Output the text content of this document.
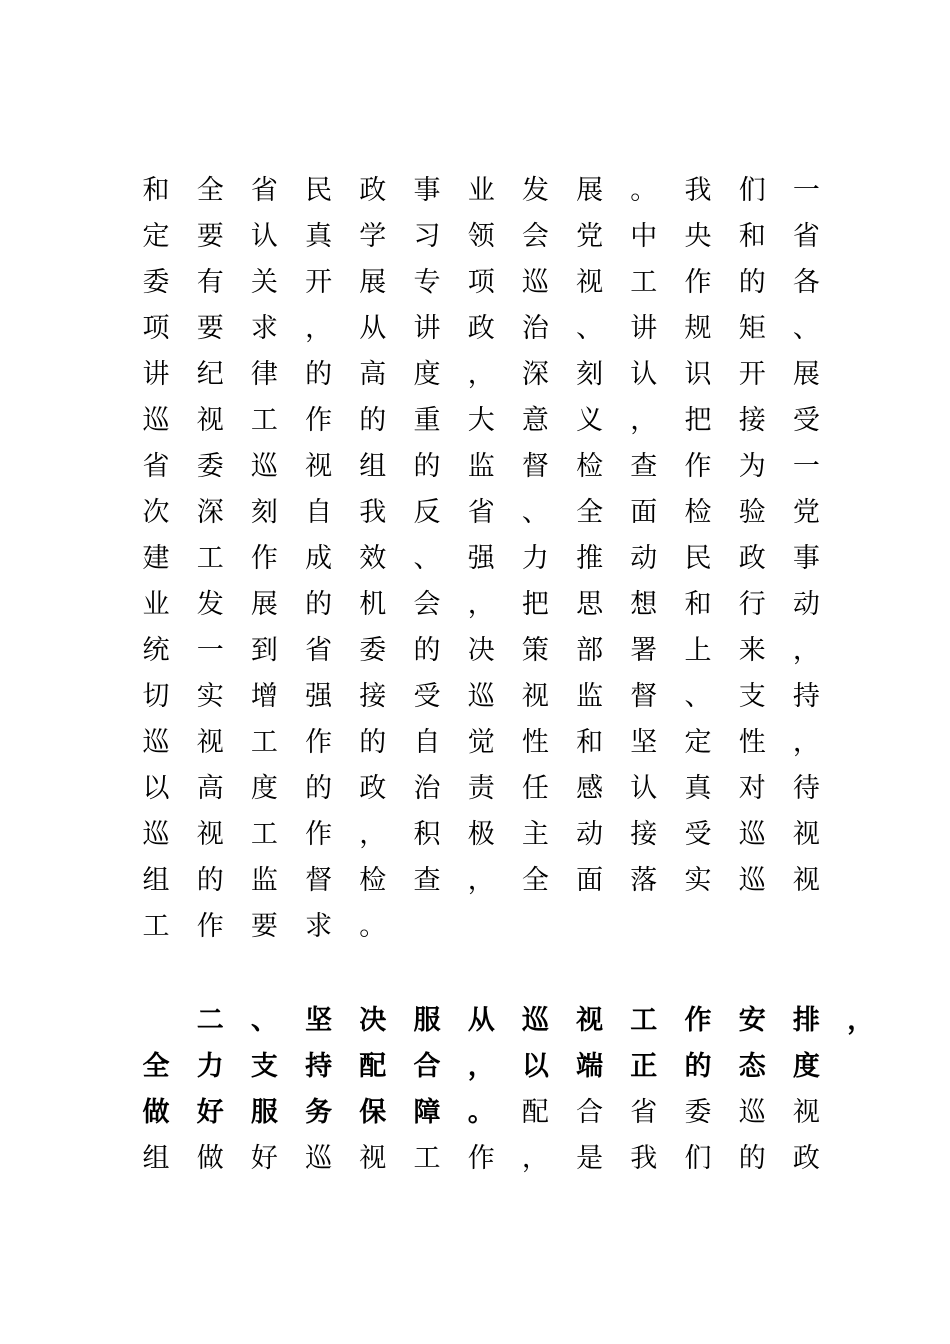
和 全 省 民 政 事 业 发 展 。 我 们 一
定 要 认 真 学 习 领 会 党 中 央 和 省
委 有 关 开 展 专 项 巡 视 工 作 的 各
项 要 求 ， 从 讲 政 治 、 讲 规 矩 、
讲 纪 律 的 高 度 ， 深 刻 认 识 开 展
巡 视 工 作 的 重 大 意 义 ， 把 接 受
省 委 巡 视 组 的 监 督 检 查 作 为 一
次 深 刻 自 我 反 省 、 全 面 检 验 党
建 工 作 成 效 、 强 力 推 动 民 政 事
业 发 展 的 机 会 ， 把 思 想 和 行 动
统 一 到 省 委 的 决 策 部 署 上 来 ，
切 实 增 强 接 受 巡 视 监 督 、 支 持
巡 视 工 作 的 自 觉 性 和 坚 定 性 ，
以 高 度 的 政 治 责 任 感 认 真 对 待
巡 视 工 作 ， 积 极 主 动 接 受 巡 视
组 的 监 督 检 查 ， 全 面 落 实 巡 视
工 作 要 求 。
二 、 坚 决 服 从 巡 视 工 作 安 排 ，
全 力 支 持 配 合 ， 以 端 正 的 态 度
做 好 服 务 保 障 。 配 合 省 委 巡 视
组 做 好 巡 视 工 作 ， 是 我 们 的 政
